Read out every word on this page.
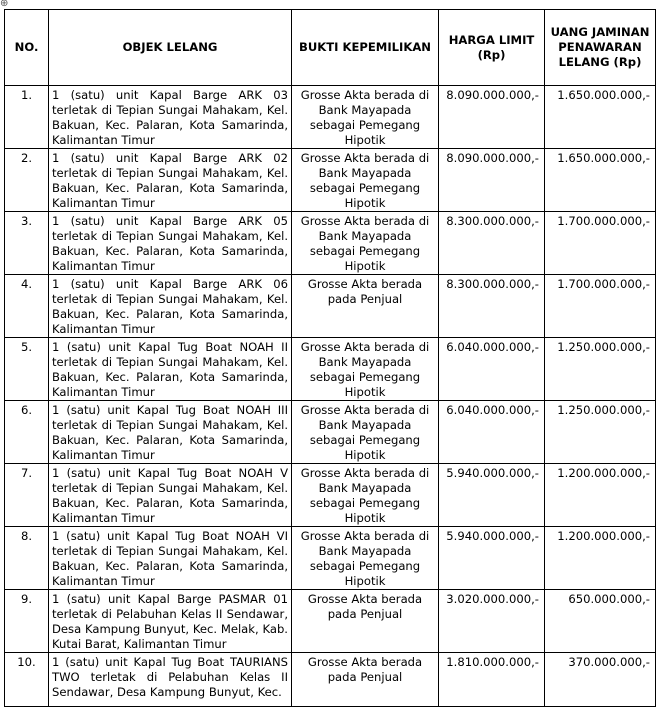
⊕
NO.	OBJEK LELANG	BUKTI KEPEMILIKAN	HARGA LIMIT (Rp)	UANG JAMINAN PENAWARAN LELANG (Rp)
1.	1 (satu) unit Kapal Barge ARK 03 terletak di Tepian Sungai Mahakam, Kel. Bakuan, Kec. Palaran, Kota Samarinda, Kalimantan Timur	Grosse Akta berada di Bank Mayapada sebagai Pemegang Hipotik	8.090.000.000,-	1.650.000.000,-
2.	1 (satu) unit Kapal Barge ARK 02 terletak di Tepian Sungai Mahakam, Kel. Bakuan, Kec. Palaran, Kota Samarinda, Kalimantan Timur	Grosse Akta berada di Bank Mayapada sebagai Pemegang Hipotik	8.090.000.000,-	1.650.000.000,-
3.	1 (satu) unit Kapal Barge ARK 05 terletak di Tepian Sungai Mahakam, Kel. Bakuan, Kec. Palaran, Kota Samarinda, Kalimantan Timur	Grosse Akta berada di Bank Mayapada sebagai Pemegang Hipotik	8.300.000.000,-	1.700.000.000,-
4.	1 (satu) unit Kapal Barge ARK 06 terletak di Tepian Sungai Mahakam, Kel. Bakuan, Kec. Palaran, Kota Samarinda, Kalimantan Timur	Grosse Akta berada pada Penjual	8.300.000.000,-	1.700.000.000,-
5.	1 (satu) unit Kapal Tug Boat NOAH II terletak di Tepian Sungai Mahakam, Kel. Bakuan, Kec. Palaran, Kota Samarinda, Kalimantan Timur	Grosse Akta berada di Bank Mayapada sebagai Pemegang Hipotik	6.040.000.000,-	1.250.000.000,-
6.	1 (satu) unit Kapal Tug Boat NOAH III terletak di Tepian Sungai Mahakam, Kel. Bakuan, Kec. Palaran, Kota Samarinda, Kalimantan Timur	Grosse Akta berada di Bank Mayapada sebagai Pemegang Hipotik	6.040.000.000,-	1.250.000.000,-
7.	1 (satu) unit Kapal Tug Boat NOAH V terletak di Tepian Sungai Mahakam, Kel. Bakuan, Kec. Palaran, Kota Samarinda, Kalimantan Timur	Grosse Akta berada di Bank Mayapada sebagai Pemegang Hipotik	5.940.000.000,-	1.200.000.000,-
8.	1 (satu) unit Kapal Tug Boat NOAH VI terletak di Tepian Sungai Mahakam, Kel. Bakuan, Kec. Palaran, Kota Samarinda, Kalimantan Timur	Grosse Akta berada di Bank Mayapada sebagai Pemegang Hipotik	5.940.000.000,-	1.200.000.000,-
9.	1 (satu) unit Kapal Barge PASMAR 01 terletak di Pelabuhan Kelas II Sendawar, Desa Kampung Bunyut, Kec. Melak, Kab. Kutai Barat, Kalimantan Timur	Grosse Akta berada pada Penjual	3.020.000.000,-	650.000.000,-
10.	1 (satu) unit Kapal Tug Boat TAURIANS TWO terletak di Pelabuhan Kelas II Sendawar, Desa Kampung Bunyut, Kec.	Grosse Akta berada pada Penjual	1.810.000.000,-	370.000.000,-
